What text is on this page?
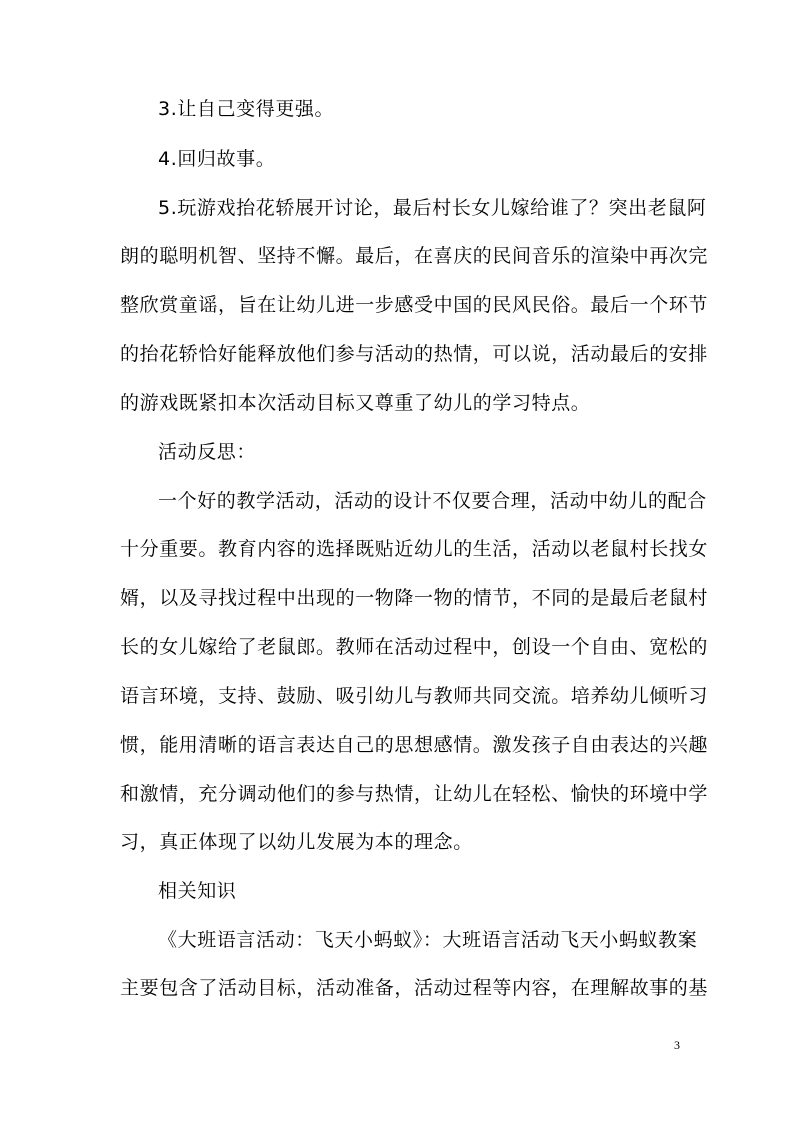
3.让自己变得更强。
4.回归故事。
5.玩游戏抬花轿展开讨论，最后村长女儿嫁给谁了？突出老鼠阿
朗的聪明机智、坚持不懈。最后，在喜庆的民间音乐的渲染中再次完
整欣赏童谣，旨在让幼儿进一步感受中国的民风民俗。最后一个环节
的抬花轿恰好能释放他们参与活动的热情，可以说，活动最后的安排
的游戏既紧扣本次活动目标又尊重了幼儿的学习特点。
活动反思：
一个好的教学活动，活动的设计不仅要合理，活动中幼儿的配合
十分重要。教育内容的选择既贴近幼儿的生活，活动以老鼠村长找女
婿，以及寻找过程中出现的一物降一物的情节，不同的是最后老鼠村
长的女儿嫁给了老鼠郎。教师在活动过程中，创设一个自由、宽松的
语言环境，支持、鼓励、吸引幼儿与教师共同交流。培养幼儿倾听习
惯，能用清晰的语言表达自己的思想感情。激发孩子自由表达的兴趣
和激情，充分调动他们的参与热情，让幼儿在轻松、愉快的环境中学
习，真正体现了以幼儿发展为本的理念。
相关知识
《大班语言活动：飞天小蚂蚁》：大班语言活动飞天小蚂蚁教案
主要包含了活动目标，活动准备，活动过程等内容，在理解故事的基
3
